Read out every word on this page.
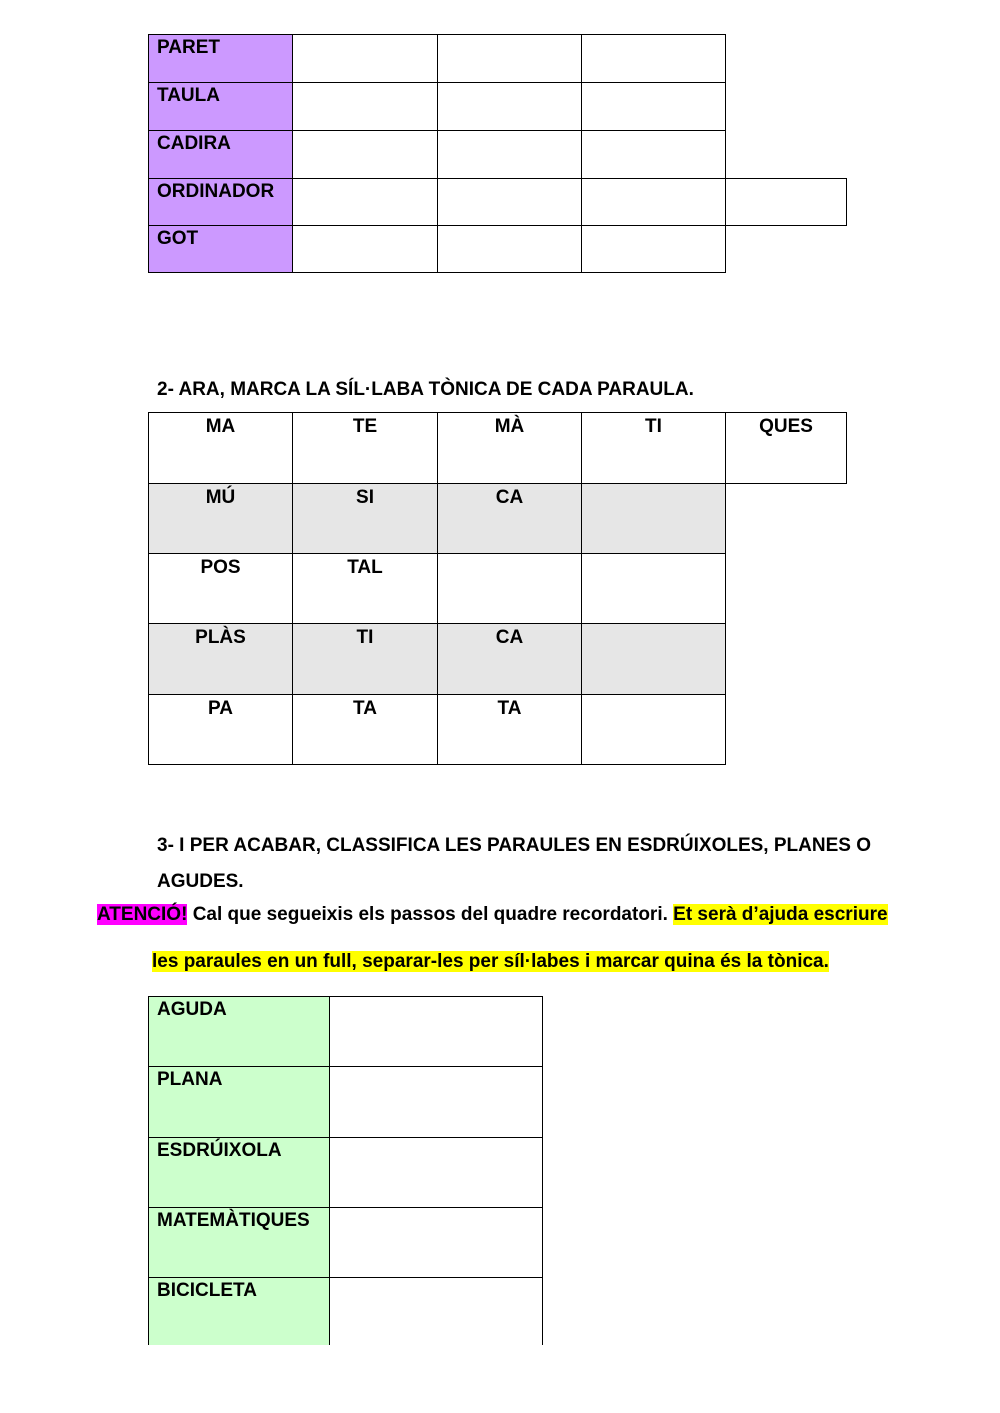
PARET
TAULA
CADIRA
ORDINADOR
GOT
2- ARA, MARCA LA SÍL·LABA TÒNICA DE CADA PARAULA.
MA	TE	MÀ	TI	QUES
MÚ	SI	CA
POS	TAL
PLÀS	TI	CA
PA	TA	TA
3- I PER ACABAR, CLASSIFICA LES PARAULES EN ESDRÚIXOLES, PLANES O
AGUDES.
ATENCIÓ! Cal que segueixis els passos del quadre recordatori. Et serà d’ajuda escriure
les paraules en un full, separar-les per síl·labes i marcar quina és la tònica.
AGUDA
PLANA
ESDRÚIXOLA
MATEMÀTIQUES
BICICLETA
